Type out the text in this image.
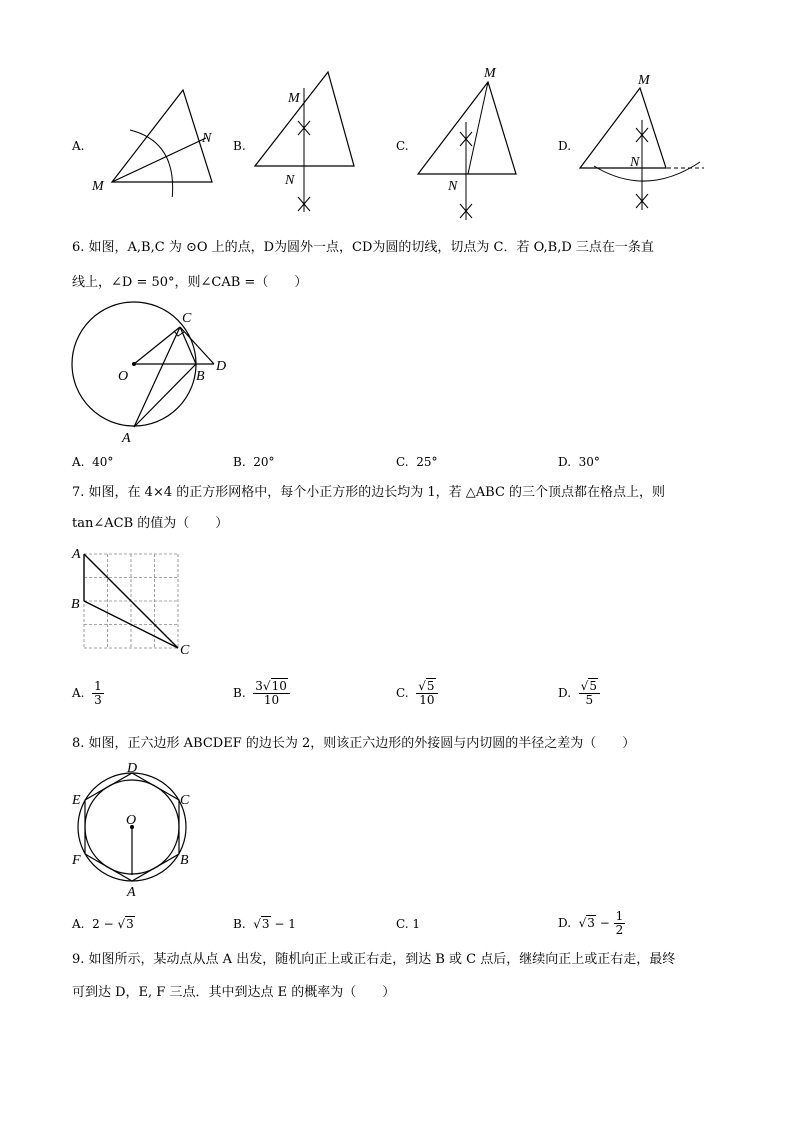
A.
M
N B.
M
N
C.
M
N
D.
M
N
6. 如图，A,B,C 为 ⊙O 上的点，D为圆外一点，CD为圆的切线，切点为 C．若 O,B,D 三点在一条直
线上，∠D = 50°，则∠CAB =（　　）
O
C
B
D
A
A. 40°	B. 20°	C. 25°	D. 30°
7. 如图，在 4×4 的正方形网格中，每个小正方形的边长均为 1，若 △ABC 的三个顶点都在格点上，则
tan∠ACB 的值为（　　）
A
B
C
A. $\frac{1}{3}$	B. $\frac{3√10}{10}$	C. $\frac{√5}{10}$	D. $\frac{√5}{5}$
8. 如图，正六边形 ABCDEF 的边长为 2，则该正六边形的外接圆与内切圆的半径之差为（　　）
D
C
B
A
F
E
O
A. 2 − √3	B.  √3 − 1	C. 1	D.  $√3 - \frac{1}{2}$
9. 如图所示，某动点从点 A 出发，随机向正上或正右走，到达 B 或 C 点后，继续向正上或正右走，最终
可到达 D，E, F 三点．其中到达点 E 的概率为（　　）
